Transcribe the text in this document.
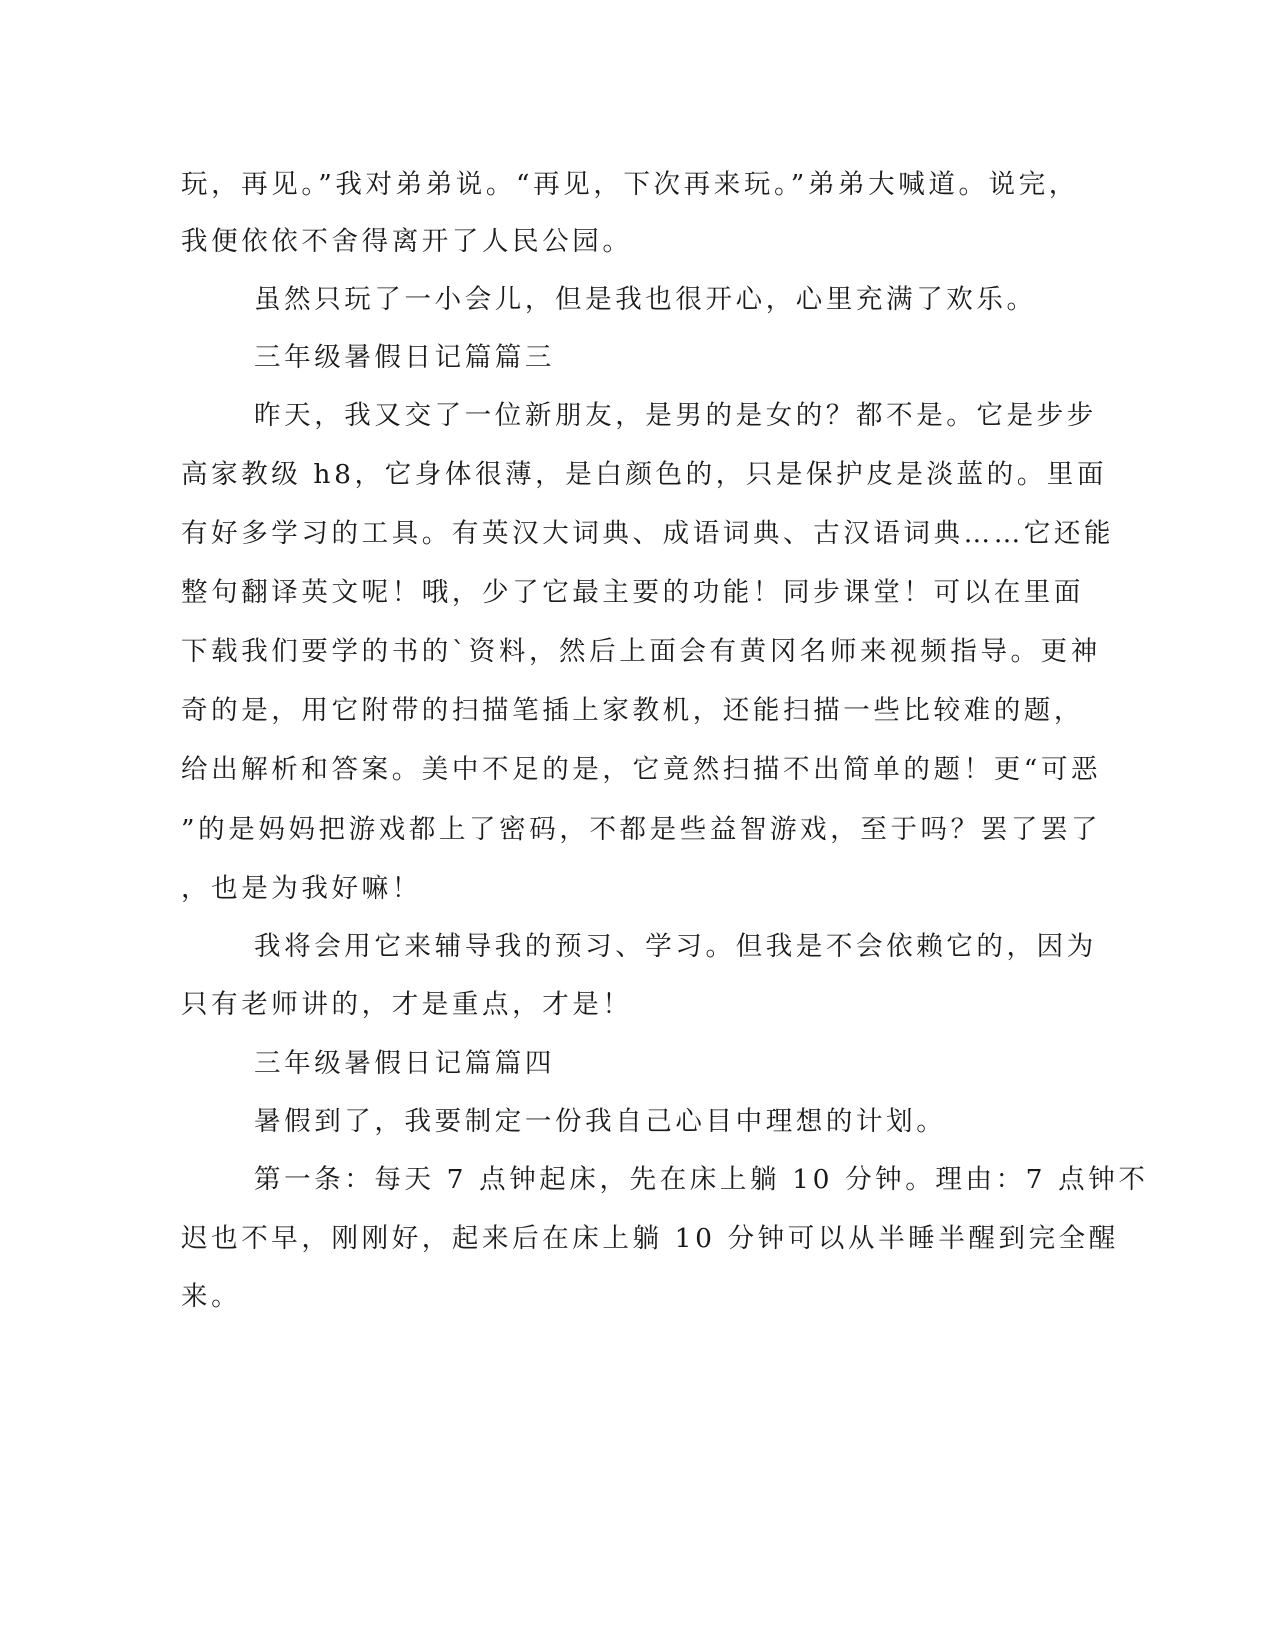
玩，再见。”我对弟弟说。“再见，下次再来玩。”弟弟大喊道。说完，
我便依依不舍得离开了人民公园。
虽然只玩了一小会儿，但是我也很开心，心里充满了欢乐。
三年级暑假日记篇篇三
昨天，我又交了一位新朋友，是男的是女的？都不是。它是步步
高家教级 h8，它身体很薄，是白颜色的，只是保护皮是淡蓝的。里面
有好多学习的工具。有英汉大词典、成语词典、古汉语词典……它还能
整句翻译英文呢！哦，少了它最主要的功能！同步课堂！可以在里面
下载我们要学的书的`资料，然后上面会有黄冈名师来视频指导。更神
奇的是，用它附带的扫描笔插上家教机，还能扫描一些比较难的题，
给出解析和答案。美中不足的是，它竟然扫描不出简单的题！更“可恶
”的是妈妈把游戏都上了密码，不都是些益智游戏，至于吗？罢了罢了
，也是为我好嘛！
我将会用它来辅导我的预习、学习。但我是不会依赖它的，因为
只有老师讲的，才是重点，才是！
三年级暑假日记篇篇四
暑假到了，我要制定一份我自己心目中理想的计划。
第一条：每天 7 点钟起床，先在床上躺 10 分钟。理由：7 点钟不
迟也不早，刚刚好，起来后在床上躺 10 分钟可以从半睡半醒到完全醒
来。
